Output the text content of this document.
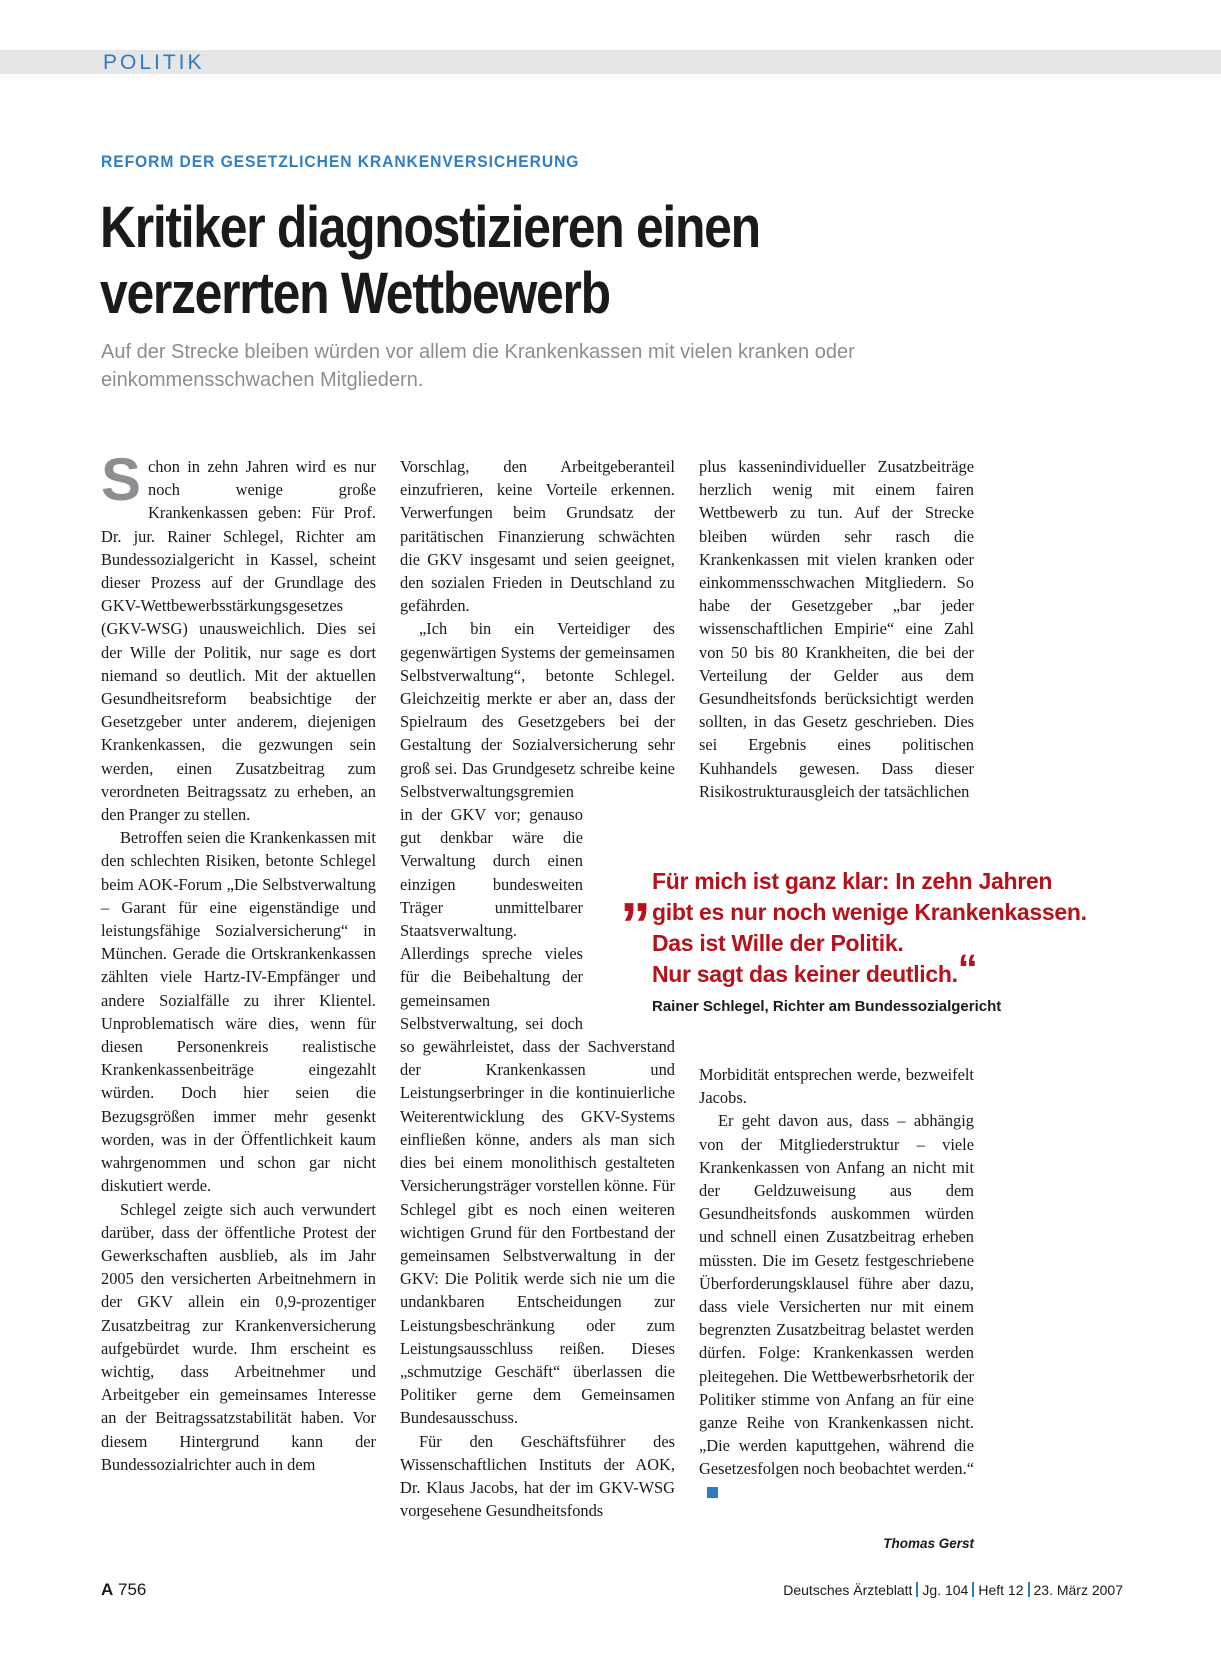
POLITIK
REFORM DER GESETZLICHEN KRANKENVERSICHERUNG
Kritiker diagnostizieren einen
verzerrten Wettbewerb
Auf der Strecke bleiben würden vor allem die Krankenkassen mit vielen kranken oder einkommensschwachen Mitgliedern.

Schon in zehn Jahren wird es nur noch wenige große Krankenkassen geben: Für Prof. Dr. jur. Rainer Schlegel, Richter am Bundessozialgericht in Kassel, scheint dieser Prozess auf der Grundlage des GKV-Wettbewerbsstärkungsgesetzes (GKV-WSG) unausweichlich. Dies sei der Wille der Politik, nur sage es dort niemand so deutlich. Mit der aktuellen Gesundheitsreform beabsichtige der Gesetzgeber unter anderem, diejenigen Krankenkassen, die gezwungen sein werden, einen Zusatzbeitrag zum verordneten Beitragssatz zu erheben, an den Pranger zu stellen.

Betroffen seien die Krankenkassen mit den schlechten Risiken, betonte Schlegel beim AOK-Forum „Die Selbstverwaltung – Garant für eine eigenständige und leistungsfähige Sozialversicherung“ in München. Gerade die Ortskrankenkassen zählten viele Hartz-IV-Empfänger und andere Sozialfälle zu ihrer Klientel. Unproblematisch wäre dies, wenn für diesen Personenkreis realistische Krankenkassenbeiträge eingezahlt würden. Doch hier seien die Bezugsgrößen immer mehr gesenkt worden, was in der Öffentlichkeit kaum wahrgenommen und schon gar nicht diskutiert werde.

Schlegel zeigte sich auch verwundert darüber, dass der öffentliche Protest der Gewerkschaften ausblieb, als im Jahr 2005 den versicherten Arbeitnehmern in der GKV allein ein 0,9-prozentiger Zusatzbeitrag zur Krankenversicherung aufgebürdet wurde. Ihm erscheint es wichtig, dass Arbeitnehmer und Arbeitgeber ein gemeinsames Interesse an der Beitragssatzstabilität haben. Vor diesem Hintergrund kann der Bundessozialrichter auch in dem

Vorschlag, den Arbeitgeberanteil einzufrieren, keine Vorteile erkennen. Verwerfungen beim Grundsatz der paritätischen Finanzierung schwächten die GKV insgesamt und seien geeignet, den sozialen Frieden in Deutschland zu gefährden.

„Ich bin ein Verteidiger des gegenwärtigen Systems der gemeinsamen Selbstverwaltung“, betonte Schlegel. Gleichzeitig merkte er aber an, dass der Spielraum des Gesetzgebers bei der Gestaltung der Sozialversicherung sehr groß sei. Das Grundgesetz schreibe keine Selbstverwaltungsgremien in der GKV vor; genauso gut denkbar wäre die Verwaltung durch einen einzigen bundesweiten Träger unmittelbarer Staatsverwaltung. Allerdings spreche vieles für die Beibehaltung der gemeinsamen Selbstverwaltung, sei doch so gewährleistet, dass der Sachverstand der Krankenkassen und Leistungserbringer in die kontinuierliche Weiterentwicklung des GKV-Systems einfließen könne, anders als man sich dies bei einem monolithisch gestalteten Versicherungsträger vorstellen könne. Für Schlegel gibt es noch einen weiteren wichtigen Grund für den Fortbestand der gemeinsamen Selbstverwaltung in der GKV: Die Politik werde sich nie um die undankbaren Entscheidungen zur Leistungsbeschränkung oder zum Leistungsausschluss reißen. Dieses „schmutzige Geschäft“ überlassen die Politiker gerne dem Gemeinsamen Bundesausschuss.

Für den Geschäftsführer des Wissenschaftlichen Instituts der AOK, Dr. Klaus Jacobs, hat der im GKV-WSG vorgesehene Gesundheitsfonds

plus kassenindividueller Zusatzbeiträge herzlich wenig mit einem fairen Wettbewerb zu tun. Auf der Strecke bleiben würden sehr rasch die Krankenkassen mit vielen kranken oder einkommensschwachen Mitgliedern. So habe der Gesetzgeber „bar jeder wissenschaftlichen Empirie“ eine Zahl von 50 bis 80 Krankheiten, die bei der Verteilung der Gelder aus dem Gesundheitsfonds berücksichtigt werden sollten, in das Gesetz geschrieben. Dies sei Ergebnis eines politischen Kuhhandels gewesen. Dass dieser Risikostrukturausgleich der tatsächlichen

„ Für mich ist ganz klar: In zehn Jahren
gibt es nur noch wenige Krankenkassen.
Das ist Wille der Politik.
Nur sagt das keiner deutlich.“
Rainer Schlegel, Richter am Bundessozialgericht

Morbidität entsprechen werde, bezweifelt Jacobs.

Er geht davon aus, dass – abhängig von der Mitgliederstruktur – viele Krankenkassen von Anfang an nicht mit der Geldzuweisung aus dem Gesundheitsfonds auskommen würden und schnell einen Zusatzbeitrag erheben müssten. Die im Gesetz festgeschriebene Überforderungsklausel führe aber dazu, dass viele Versicherten nur mit einem begrenzten Zusatzbeitrag belastet werden dürfen. Folge: Krankenkassen werden pleitegehen. Die Wettbewerbsrhetorik der Politiker stimme von Anfang an für eine ganze Reihe von Krankenkassen nicht. „Die werden kaputtgehen, während die Gesetzesfolgen noch beobachtet werden.“

Thomas Gerst
A 756	Deutsches Ärzteblatt Jg. 104 Heft 12 23. März 2007
